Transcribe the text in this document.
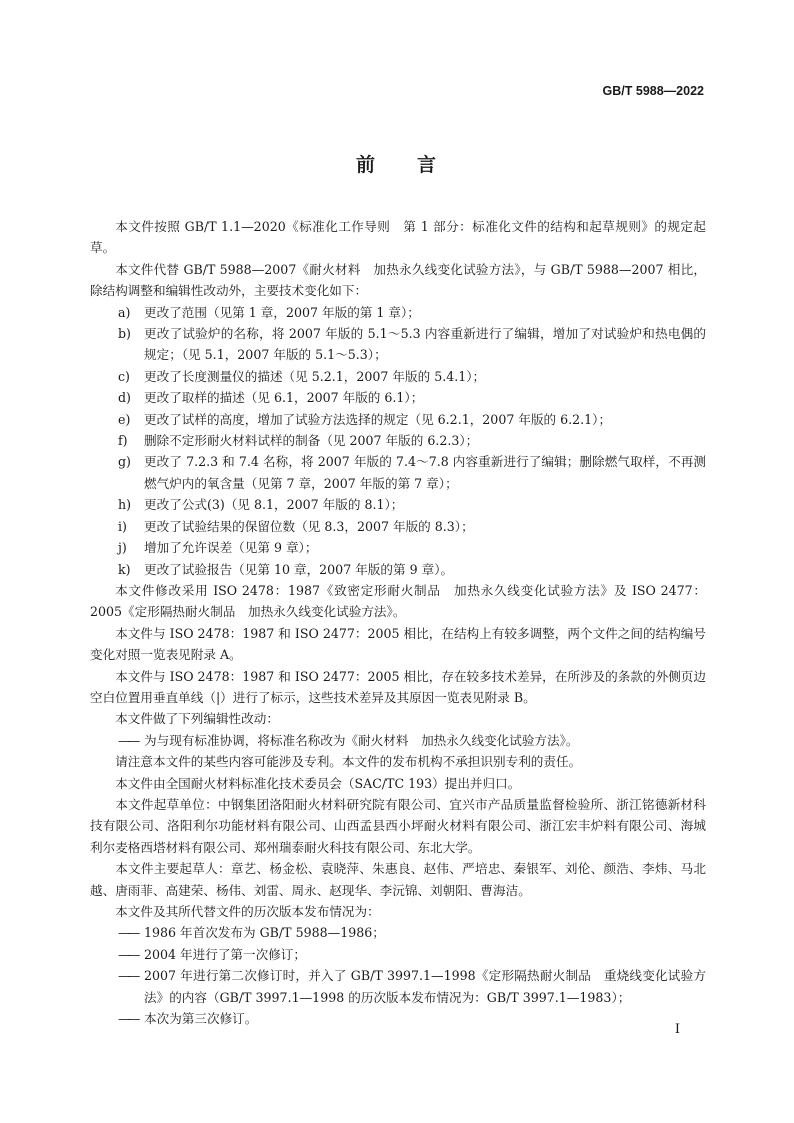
GB/T 5988—2022
前 言

本文件按照 GB/T 1.1—2020《标准化工作导则　第 1 部分：标准化文件的结构和起草规则》的规定起草。

本文件代替 GB/T 5988—2007《耐火材料　加热永久线变化试验方法》，与 GB/T 5988—2007 相比，除结构调整和编辑性改动外，主要技术变化如下：

a)	更改了范围（见第 1 章，2007 年版的第 1 章）；
b)	更改了试验炉的名称，将 2007 年版的 5.1～5.3 内容重新进行了编辑，增加了对试验炉和热电偶的规定；（见 5.1，2007 年版的 5.1～5.3）；
c)	更改了长度测量仪的描述（见 5.2.1，2007 年版的 5.4.1）；
d)	更改了取样的描述（见 6.1，2007 年版的 6.1）；
e)	更改了试样的高度，增加了试验方法选择的规定（见 6.2.1，2007 年版的 6.2.1）；
f)	删除不定形耐火材料试样的制备（见 2007 年版的 6.2.3）；
g)	更改了 7.2.3 和 7.4 名称，将 2007 年版的 7.4～7.8 内容重新进行了编辑；删除燃气取样，不再测燃气炉内的氧含量（见第 7 章，2007 年版的第 7 章）；
h)	更改了公式(3)（见 8.1，2007 年版的 8.1）；
i)	更改了试验结果的保留位数（见 8.3，2007 年版的 8.3）；
j)	增加了允许误差（见第 9 章）；
k)	更改了试验报告（见第 10 章，2007 年版的第 9 章）。

本文件修改采用 ISO 2478：1987《致密定形耐火制品　加热永久线变化试验方法》及 ISO 2477：2005《定形隔热耐火制品　加热永久线变化试验方法》。

本文件与 ISO 2478：1987 和 ISO 2477：2005 相比，在结构上有较多调整，两个文件之间的结构编号变化对照一览表见附录 A。

本文件与 ISO 2478：1987 和 ISO 2477：2005 相比，存在较多技术差异，在所涉及的条款的外侧页边空白位置用垂直单线（|）进行了标示，这些技术差异及其原因一览表见附录 B。

本文件做了下列编辑性改动：

—— 为与现有标准协调，将标准名称改为《耐火材料　加热永久线变化试验方法》。

请注意本文件的某些内容可能涉及专利。本文件的发布机构不承担识别专利的责任。

本文件由全国耐火材料标准化技术委员会（SAC/TC 193）提出并归口。

本文件起草单位：中钢集团洛阳耐火材料研究院有限公司、宜兴市产品质量监督检验所、浙江铭德新材科技有限公司、洛阳利尔功能材料有限公司、山西孟县西小坪耐火材料有限公司、浙江宏丰炉料有限公司、海城利尔麦格西塔材料有限公司、郑州瑞泰耐火科技有限公司、东北大学。

本文件主要起草人：章艺、杨金松、袁晓萍、朱惠良、赵伟、严培忠、秦银军、刘伦、颜浩、李炜、马北越、唐雨菲、高建荣、杨伟、刘雷、周永、赵现华、李沅锦、刘朝阳、曹海洁。

本文件及其所代替文件的历次版本发布情况为：

—— 1986 年首次发布为 GB/T 5988—1986；
—— 2004 年进行了第一次修订；
—— 2007 年进行第二次修订时，并入了 GB/T 3997.1—1998《定形隔热耐火制品　重烧线变化试验方法》的内容（GB/T 3997.1—1998 的历次版本发布情况为：GB/T 3997.1—1983）；
—— 本次为第三次修订。
I
